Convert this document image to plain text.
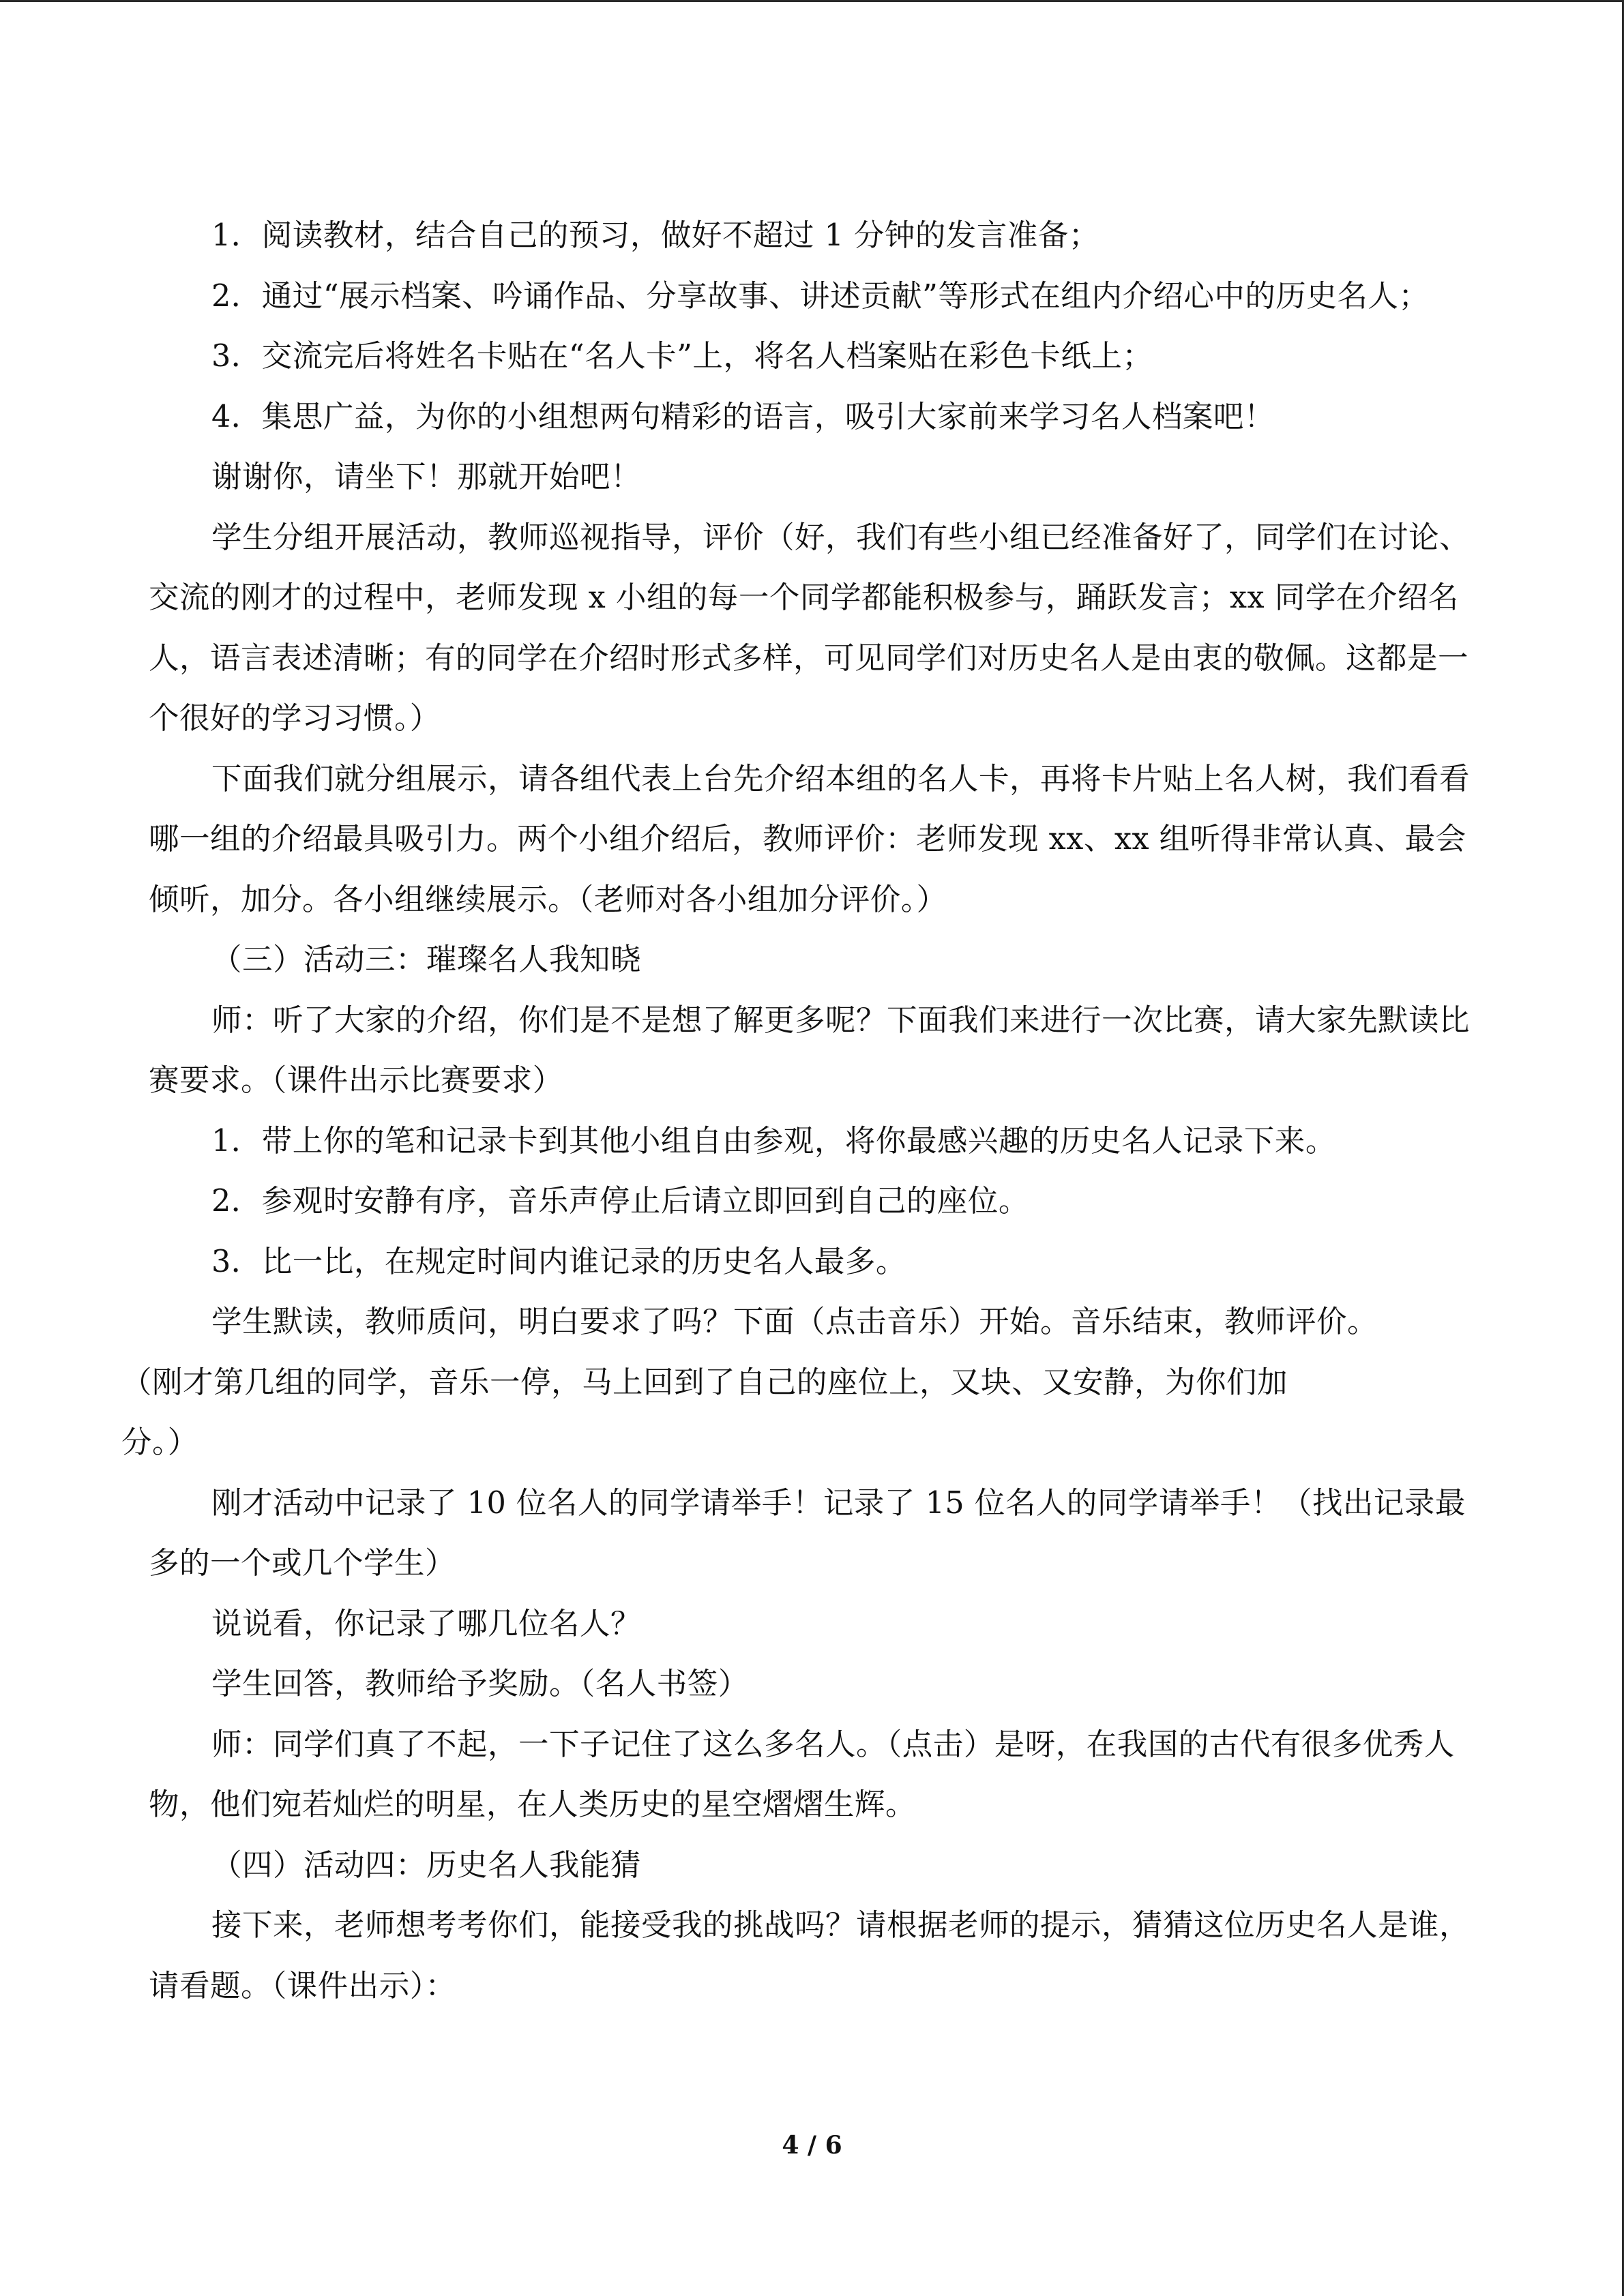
1．阅读教材，结合自己的预习，做好不超过 1 分钟的发言准备；

2．通过“展示档案、吟诵作品、分享故事、讲述贡献”等形式在组内介绍心中的历史名人；

3．交流完后将姓名卡贴在“名人卡”上，将名人档案贴在彩色卡纸上；

4．集思广益，为你的小组想两句精彩的语言，吸引大家前来学习名人档案吧！

谢谢你，请坐下！那就开始吧！

学生分组开展活动，教师巡视指导，评价（好，我们有些小组已经准备好了，同学们在讨论、交流的刚才的过程中，老师发现 x 小组的每一个同学都能积极参与，踊跃发言；xx 同学在介绍名人，语言表述清晰；有的同学在介绍时形式多样，可见同学们对历史名人是由衷的敬佩。这都是一个很好的学习习惯。）

下面我们就分组展示，请各组代表上台先介绍本组的名人卡，再将卡片贴上名人树，我们看看哪一组的介绍最具吸引力。两个小组介绍后，教师评价：老师发现 xx、xx 组听得非常认真、最会倾听，加分。各小组继续展示。（老师对各小组加分评价。）

（三）活动三：璀璨名人我知晓

师：听了大家的介绍，你们是不是想了解更多呢？下面我们来进行一次比赛，请大家先默读比赛要求。（课件出示比赛要求）

1．带上你的笔和记录卡到其他小组自由参观，将你最感兴趣的历史名人记录下来。

2．参观时安静有序，音乐声停止后请立即回到自己的座位。

3．比一比，在规定时间内谁记录的历史名人最多。

学生默读，教师质问，明白要求了吗？下面（点击音乐）开始。音乐结束，教师评价。

（刚才第几组的同学，音乐一停，马上回到了自己的座位上，又块、又安静，为你们加

分。）

刚才活动中记录了 10 位名人的同学请举手！记录了 15 位名人的同学请举手！（找出记录最多的一个或几个学生）

说说看，你记录了哪几位名人？

学生回答，教师给予奖励。（名人书签）

师：同学们真了不起，一下子记住了这么多名人。（点击）是呀，在我国的古代有很多优秀人物，他们宛若灿烂的明星，在人类历史的星空熠熠生辉。

（四）活动四：历史名人我能猜

接下来，老师想考考你们，能接受我的挑战吗？请根据老师的提示，猜猜这位历史名人是谁，请看题。（课件出示）：

4 / 6
